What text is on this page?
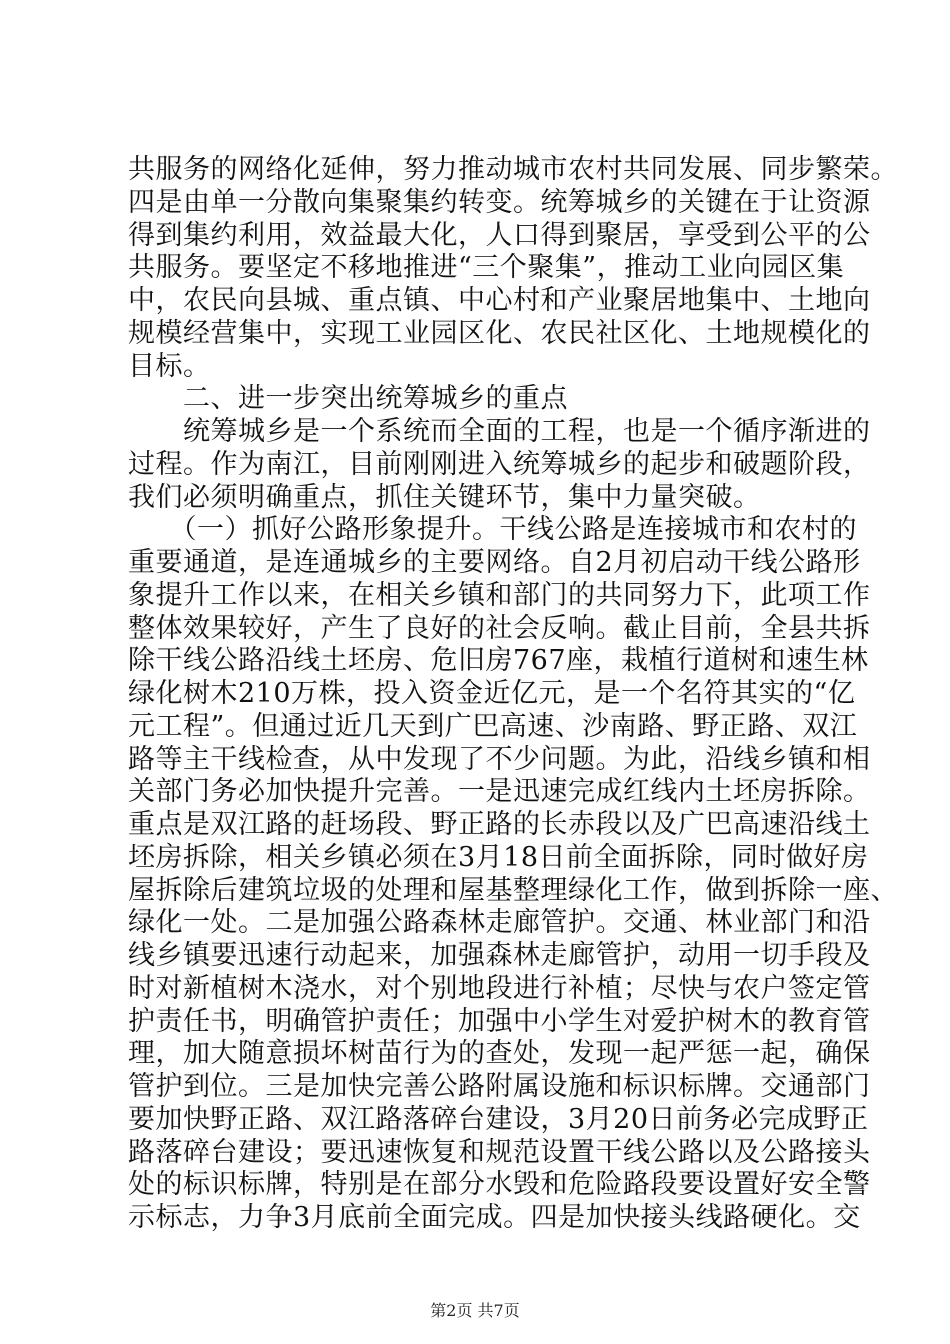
共服务的网络化延伸，努力推动城市农村共同发展、同步繁荣。
四是由单一分散向集聚集约转变。统筹城乡的关键在于让资源
得到集约利用，效益最大化，人口得到聚居，享受到公平的公
共服务。要坚定不移地推进“三个聚集”，推动工业向园区集
中，农民向县城、重点镇、中心村和产业聚居地集中、土地向
规模经营集中，实现工业园区化、农民社区化、土地规模化的
目标。
　　二、进一步突出统筹城乡的重点
　　统筹城乡是一个系统而全面的工程，也是一个循序渐进的
过程。作为南江，目前刚刚进入统筹城乡的起步和破题阶段，
我们必须明确重点，抓住关键环节，集中力量突破。
　　（一）抓好公路形象提升。干线公路是连接城市和农村的
重要通道，是连通城乡的主要网络。自2月初启动干线公路形
象提升工作以来，在相关乡镇和部门的共同努力下，此项工作
整体效果较好，产生了良好的社会反响。截止目前，全县共拆
除干线公路沿线土坯房、危旧房767座，栽植行道树和速生林
绿化树木210万株，投入资金近亿元，是一个名符其实的“亿
元工程”。但通过近几天到广巴高速、沙南路、野正路、双江
路等主干线检查，从中发现了不少问题。为此，沿线乡镇和相
关部门务必加快提升完善。一是迅速完成红线内土坯房拆除。
重点是双江路的赶场段、野正路的长赤段以及广巴高速沿线土
坯房拆除，相关乡镇必须在3月18日前全面拆除，同时做好房
屋拆除后建筑垃圾的处理和屋基整理绿化工作，做到拆除一座、
绿化一处。二是加强公路森林走廊管护。交通、林业部门和沿
线乡镇要迅速行动起来，加强森林走廊管护，动用一切手段及
时对新植树木浇水，对个别地段进行补植；尽快与农户签定管
护责任书，明确管护责任；加强中小学生对爱护树木的教育管
理，加大随意损坏树苗行为的查处，发现一起严惩一起，确保
管护到位。三是加快完善公路附属设施和标识标牌。交通部门
要加快野正路、双江路落碎台建设，3月20日前务必完成野正
路落碎台建设；要迅速恢复和规范设置干线公路以及公路接头
处的标识标牌，特别是在部分水毁和危险路段要设置好安全警
示标志，力争3月底前全面完成。四是加快接头线路硬化。交
第2页 共7页
